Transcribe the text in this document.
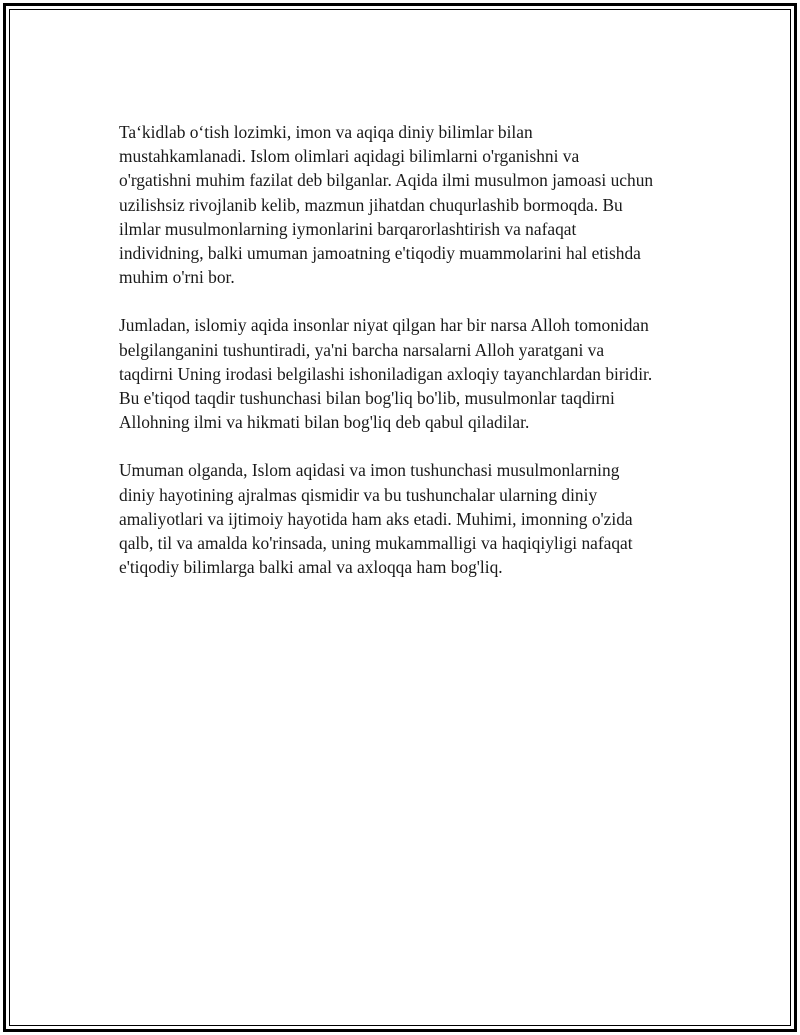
Ta‘kidlab o‘tish lozimki, imon va aqiqa diniy bilimlar bilan
mustahkamlanadi. Islom olimlari aqidagi bilimlarni o'rganishni va
o'rgatishni muhim fazilat deb bilganlar. Aqida ilmi musulmon jamoasi uchun
uzilishsiz rivojlanib kelib, mazmun jihatdan chuqurlashib bormoqda. Bu
ilmlar musulmonlarning iymonlarini barqarorlashtirish va nafaqat
individning, balki umuman jamoatning e'tiqodiy muammolarini hal etishda
muhim o'rni bor.

Jumladan, islomiy aqida insonlar niyat qilgan har bir narsa Alloh tomonidan
belgilanganini tushuntiradi, ya'ni barcha narsalarni Alloh yaratgani va
taqdirni Uning irodasi belgilashi ishoniladigan axloqiy tayanchlardan biridir.
Bu e'tiqod taqdir tushunchasi bilan bog'liq bo'lib, musulmonlar taqdirni
Allohning ilmi va hikmati bilan bog'liq deb qabul qiladilar.

Umuman olganda, Islom aqidasi va imon tushunchasi musulmonlarning
diniy hayotining ajralmas qismidir va bu tushunchalar ularning diniy
amaliyotlari va ijtimoiy hayotida ham aks etadi. Muhimi, imonning o'zida
qalb, til va amalda ko'rinsada, uning mukammalligi va haqiqiyligi nafaqat
e'tiqodiy bilimlarga balki amal va axloqqa ham bog'liq.
